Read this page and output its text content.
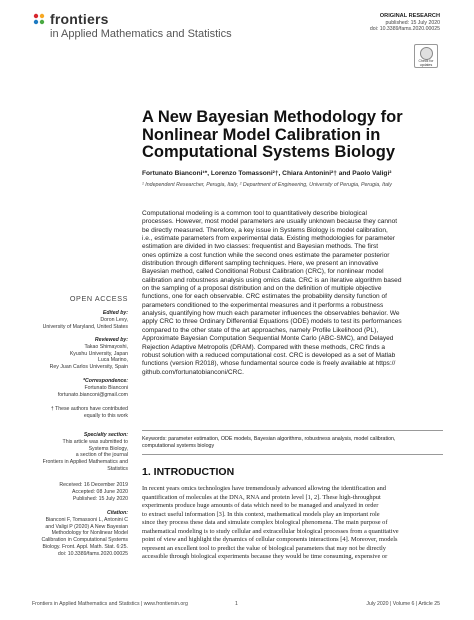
frontiers
in Applied Mathematics and Statistics
ORIGINAL RESEARCH
published: 15 July 2020
doi: 10.3389/fams.2020.00025
Check for updates
A New Bayesian Methodology for
Nonlinear Model Calibration in
Computational Systems Biology
Fortunato Bianconi¹*, Lorenzo Tomassoni²†, Chiara Antonini²† and Paolo Valigi²
¹ Independent Researcher, Perugia, Italy, ² Department of Engineering, University of Perugia, Perugia, Italy
Computational modeling is a common tool to quantitatively describe biological
processes. However, most model parameters are usually unknown because they cannot
be directly measured. Therefore, a key issue in Systems Biology is model calibration,
i.e., estimate parameters from experimental data. Existing methodologies for parameter
estimation are divided in two classes: frequentist and Bayesian methods. The first
ones optimize a cost function while the second ones estimate the parameter posterior
distribution through different sampling techniques. Here, we present an innovative
Bayesian method, called Conditional Robust Calibration (CRC), for nonlinear model
calibration and robustness analysis using omics data. CRC is an iterative algorithm based
on the sampling of a proposal distribution and on the definition of multiple objective
functions, one for each observable. CRC estimates the probability density function of
parameters conditioned to the experimental measures and it performs a robustness
analysis, quantifying how much each parameter influences the observables behavior. We
apply CRC to three Ordinary Differential Equations (ODE) models to test its performances
compared to the other state of the art approaches, namely Profile Likelihood (PL),
Approximate Bayesian Computation Sequential Monte Carlo (ABC-SMC), and Delayed
Rejection Adaptive Metropolis (DRAM). Compared with these methods, CRC finds a
robust solution with a reduced computational cost. CRC is developed as a set of Matlab
functions (version R2018), whose fundamental source code is freely available at https://
github.com/fortunatobianconi/CRC.
Keywords: parameter estimation, ODE models, Bayesian algorithms, robustness analysis, model calibration,
computational systems biology
1. INTRODUCTION
In recent years omics technologies have tremendously advanced allowing the identification and
quantification of molecules at the DNA, RNA and protein level [1, 2]. These high-throughput
experiments produce huge amounts of data which need to be managed and analyzed in order
to extract useful information [3]. In this context, mathematical models play an important role
since they process these data and simulate complex biological phenomena. The main purpose of
mathematical modeling is to study cellular and extracellular biological processes from a quantitative
point of view and highlight the dynamics of cellular components interactions [4]. Moreover, models
represent an excellent tool to predict the value of biological parameters that may not be directly
accessible through biological experiments because they would be time consuming, expensive or
OPEN ACCESS
Edited by:
Doron Levy,
University of Maryland, United States
Reviewed by:
Takao Shimayoshi,
Kyushu University, Japan
Luca Marino,
Rey Juan Carlos University, Spain
*Correspondence:
Fortunato Bianconi
fortunato.bianconi@gmail.com
† These authors have contributed
equally to this work
Specialty section:
This article was submitted to
Systems Biology,
a section of the journal
Frontiers in Applied Mathematics and
Statistics
Received: 16 December 2019
Accepted: 08 June 2020
Published: 15 July 2020
Citation:
Bianconi F, Tomassoni L, Antonini C
and Valigi P (2020) A New Bayesian
Methodology for Nonlinear Model
Calibration in Computational Systems
Biology. Front. Appl. Math. Stat. 6:25.
doi: 10.3389/fams.2020.00025
Frontiers in Applied Mathematics and Statistics | www.frontiersin.org	1	July 2020 | Volume 6 | Article 25
